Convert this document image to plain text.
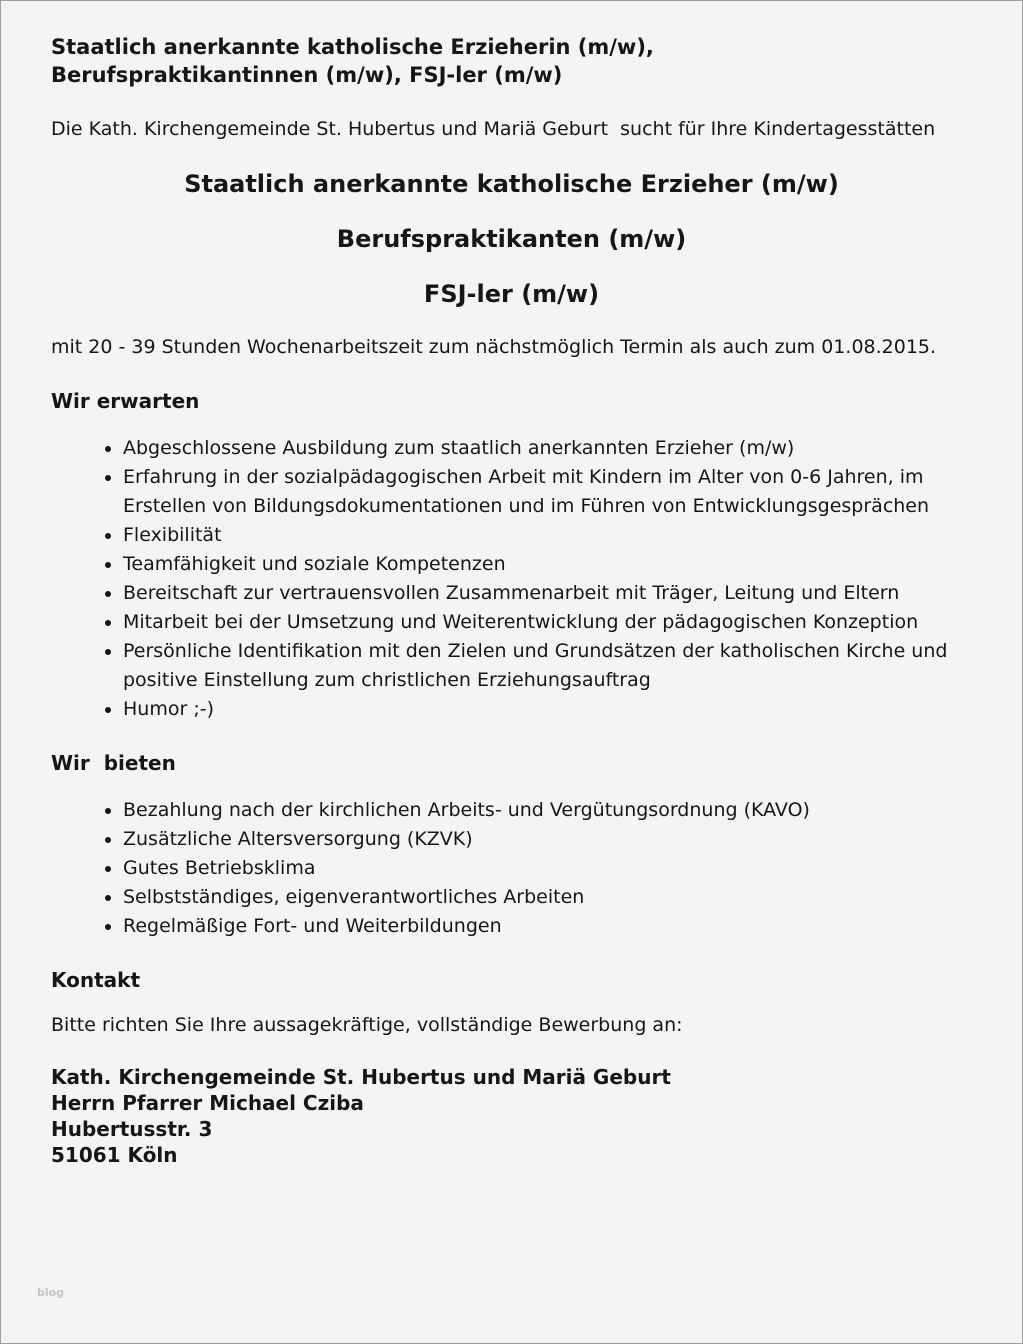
Staatlich anerkannte katholische Erzieherin (m/w), Berufspraktikantinnen (m/w), FSJ-ler (m/w)

Die Kath. Kirchengemeinde St. Hubertus und Mariä Geburt  sucht für Ihre Kindertagesstätten

Staatlich anerkannte katholische Erzieher (m/w)
Berufspraktikanten (m/w)
FSJ-ler (m/w)

mit 20 - 39 Stunden Wochenarbeitszeit zum nächstmöglich Termin als auch zum 01.08.2015.

Wir erwarten
• Abgeschlossene Ausbildung zum staatlich anerkannten Erzieher (m/w)
• Erfahrung in der sozialpädagogischen Arbeit mit Kindern im Alter von 0-6 Jahren, im Erstellen von Bildungsdokumentationen und im Führen von Entwicklungsgesprächen
• Flexibilität
• Teamfähigkeit und soziale Kompetenzen
• Bereitschaft zur vertrauensvollen Zusammenarbeit mit Träger, Leitung und Eltern
• Mitarbeit bei der Umsetzung und Weiterentwicklung der pädagogischen Konzeption
• Persönliche Identifikation mit den Zielen und Grundsätzen der katholischen Kirche und positive Einstellung zum christlichen Erziehungsauftrag
• Humor ;-)
Wir  bieten
• Bezahlung nach der kirchlichen Arbeits- und Vergütungsordnung (KAVO)
• Zusätzliche Altersversorgung (KZVK)
• Gutes Betriebsklima
• Selbstständiges, eigenverantwortliches Arbeiten
• Regelmäßige Fort- und Weiterbildungen
Kontakt

Bitte richten Sie Ihre aussagekräftige, vollständige Bewerbung an:

Kath. Kirchengemeinde St. Hubertus und Mariä Geburt
Herrn Pfarrer Michael Cziba
Hubertusstr. 3
51061 Köln
blog
